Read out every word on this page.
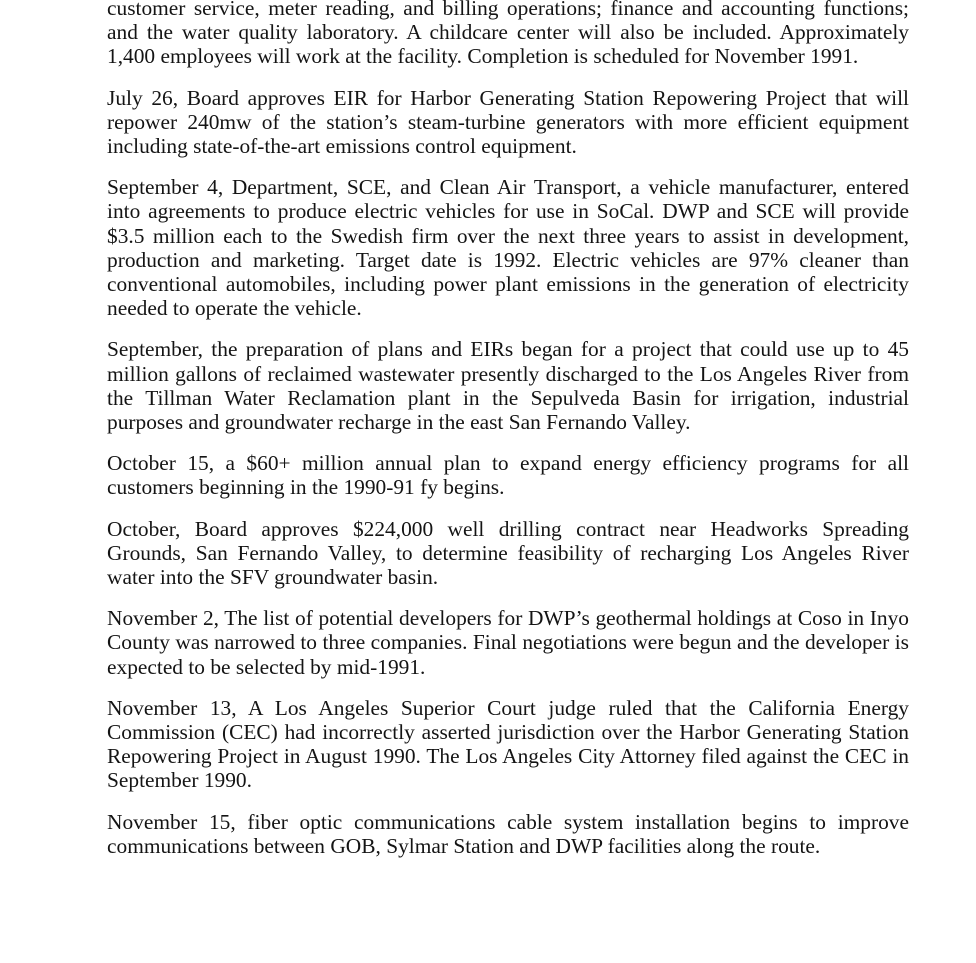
customer service, meter reading, and billing operations; finance and accounting functions; and the water quality laboratory. A childcare center will also be included. Approximately 1,400 employees will work at the facility. Completion is scheduled for November 1991.

July 26, Board approves EIR for Harbor Generating Station Repowering Project that will repower 240mw of the station’s steam-turbine generators with more efficient equipment including state-of-the-art emissions control equipment.

September 4, Department, SCE, and Clean Air Transport, a vehicle manufacturer, entered into agreements to produce electric vehicles for use in SoCal. DWP and SCE will provide $3.5 million each to the Swedish firm over the next three years to assist in development, production and marketing. Target date is 1992. Electric vehicles are 97% cleaner than conventional automobiles, including power plant emissions in the generation of electricity needed to operate the vehicle.

September, the preparation of plans and EIRs began for a project that could use up to 45 million gallons of reclaimed wastewater presently discharged to the Los Angeles River from the Tillman Water Reclamation plant in the Sepulveda Basin for irrigation, industrial purposes and groundwater recharge in the east San Fernando Valley.

October 15, a $60+ million annual plan to expand energy efficiency programs for all customers beginning in the 1990-91 fy begins.

October, Board approves $224,000 well drilling contract near Headworks Spreading Grounds, San Fernando Valley, to determine feasibility of recharging Los Angeles River water into the SFV groundwater basin.

November 2, The list of potential developers for DWP’s geothermal holdings at Coso in Inyo County was narrowed to three companies. Final negotiations were begun and the developer is expected to be selected by mid-1991.

November 13, A Los Angeles Superior Court judge ruled that the California Energy Commission (CEC) had incorrectly asserted jurisdiction over the Harbor Generating Station Repowering Project in August 1990. The Los Angeles City Attorney filed against the CEC in September 1990.

November 15, fiber optic communications cable system installation begins to improve communications between GOB, Sylmar Station and DWP facilities along the route.
